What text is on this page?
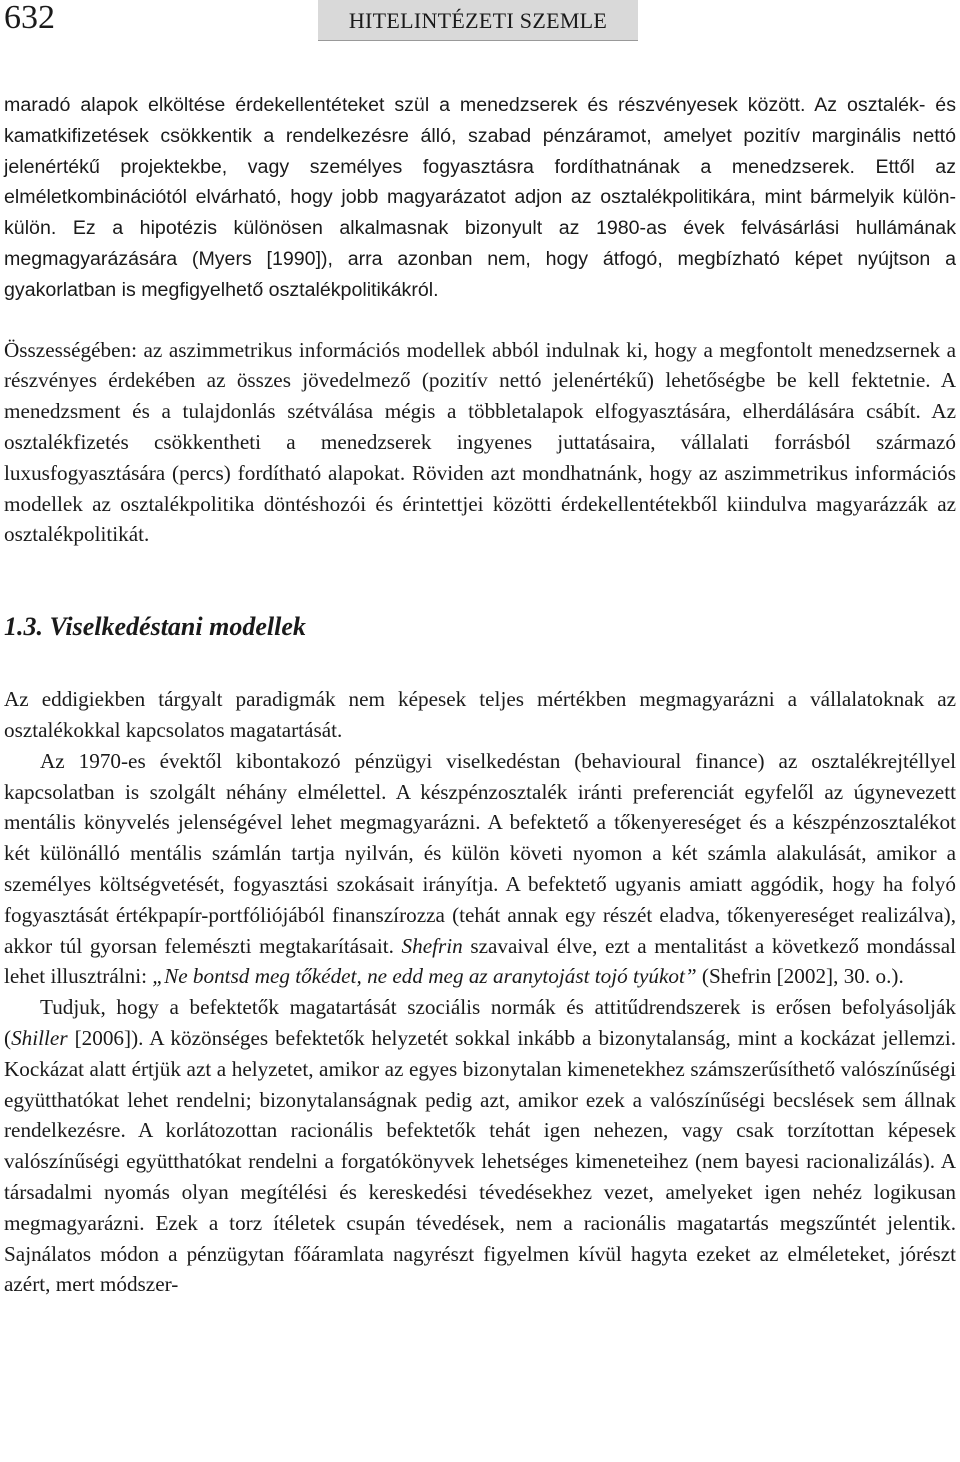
632	HITELINTÉZETI SZEMLE

maradó alapok elköltése érdekellentéteket szül a menedzserek és részvényesek között. Az osztalék- és kamatkifizetések csökkentik a rendelkezésre álló, szabad pénzáramot, amelyet pozitív marginális nettó jelenértékű projektekbe, vagy személyes fogyasztásra fordíthatnának a menedzserek. Ettől az elméletkombinációtól elvárható, hogy jobb magyarázatot adjon az osztalékpolitikára, mint bármelyik külön-külön. Ez a hipotézis különösen alkalmasnak bizonyult az 1980-as évek felvásárlási hullámának megmagyarázására (Myers [1990]), arra azonban nem, hogy átfogó, megbízható képet nyújtson a gyakorlatban is megfigyelhető osztalékpolitikákról.

Összességében: az aszimmetrikus információs modellek abból indulnak ki, hogy a megfontolt menedzsernek a részvényes érdekében az összes jövedelmező (pozitív nettó jelenértékű) lehetőségbe be kell fektetnie. A menedzsment és a tulajdonlás szétválása mégis a többletalapok elfogyasztására, elherdálására csábít. Az osztalékfizetés csökkentheti a menedzserek ingyenes juttatásaira, vállalati forrásból származó luxusfogyasztására (percs) fordítható alapokat. Röviden azt mondhatnánk, hogy az aszimmetrikus információs modellek az osztalékpolitika döntéshozói és érintettjei közötti érdekellentétekből kiindulva magyarázzák az osztalékpolitikát.

1.3. Viselkedéstani modellek

Az eddigiekben tárgyalt paradigmák nem képesek teljes mértékben megmagyarázni a vállalatoknak az osztalékokkal kapcsolatos magatartását.

Az 1970-es évektől kibontakozó pénzügyi viselkedéstan (behavioural finance) az osztalékrejtéllyel kapcsolatban is szolgált néhány elmélettel. A készpénzosztalék iránti preferenciát egyfelől az úgynevezett mentális könyvelés jelenségével lehet megmagyarázni. A befektető a tőkenyereséget és a készpénzosztalékot két különálló mentális számlán tartja nyilván, és külön követi nyomon a két számla alakulását, amikor a személyes költségvetését, fogyasztási szokásait irányítja. A befektető ugyanis amiatt aggódik, hogy ha folyó fogyasztását értékpapír-portfóliójából finanszírozza (tehát annak egy részét eladva, tőkenyereséget realizálva), akkor túl gyorsan felemészti megtakarításait. Shefrin szavaival élve, ezt a mentalitást a következő mondással lehet illusztrálni: „Ne bontsd meg tőkédet, ne edd meg az aranytojást tojó tyúkot” (Shefrin [2002], 30. o.).

Tudjuk, hogy a befektetők magatartását szociális normák és attitűdrendszerek is erősen befolyásolják (Shiller [2006]). A közönséges befektetők helyzetét sokkal inkább a bizonytalanság, mint a kockázat jellemzi. Kockázat alatt értjük azt a helyzetet, amikor az egyes bizonytalan kimenetekhez számszerűsíthető valószínűségi együtthatókat lehet rendelni; bizonytalanságnak pedig azt, amikor ezek a valószínűségi becslések sem állnak rendelkezésre. A korlátozottan racionális befektetők tehát igen nehezen, vagy csak torzítottan képesek valószínűségi együtthatókat rendelni a forgatókönyvek lehetséges kimeneteihez (nem bayesi racionalizálás). A társadalmi nyomás olyan megítélési és kereskedési tévedésekhez vezet, amelyeket igen nehéz logikusan megmagyarázni. Ezek a torz ítéletek csupán tévedések, nem a racionális magatartás megszűntét jelentik. Sajnálatos módon a pénzügytan főáramlata nagyrészt figyelmen kívül hagyta ezeket az elméleteket, jórészt azért, mert módszer-
